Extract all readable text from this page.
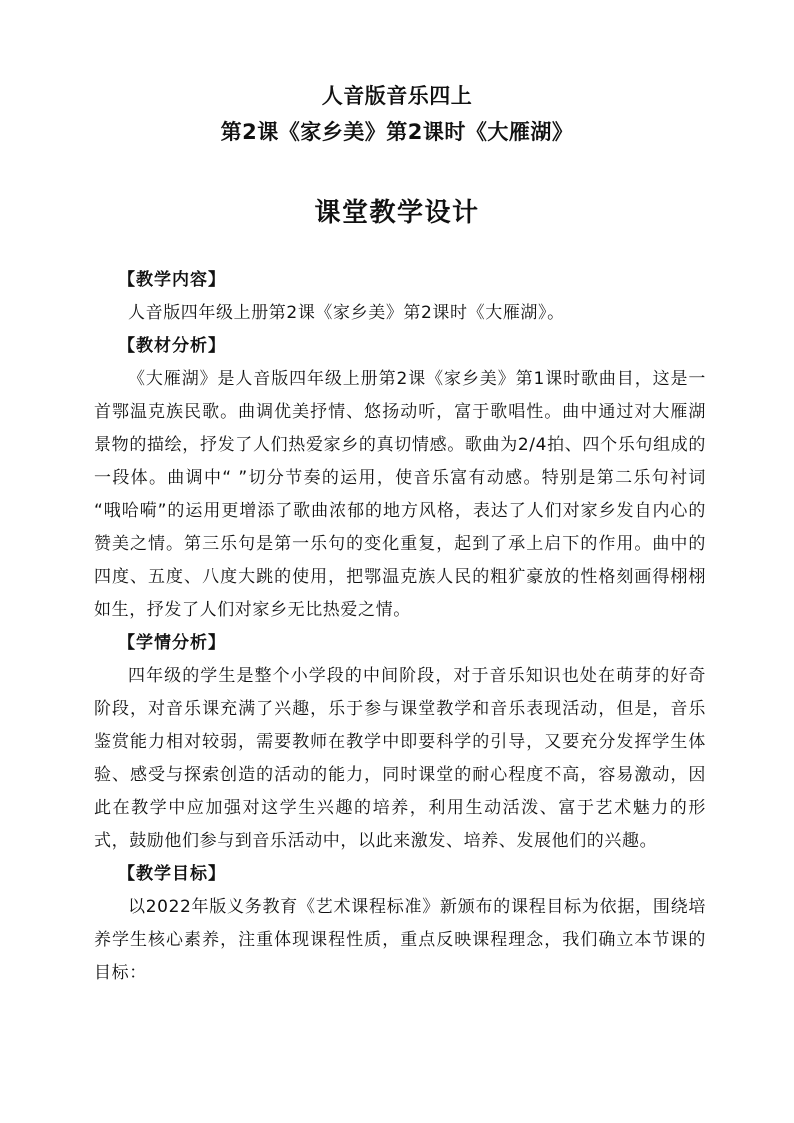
人音版音乐四上
第2课《家乡美》第2课时《大雁湖》
课堂教学设计

【教学内容】

人音版四年级上册第2课《家乡美》第2课时《大雁湖》。

【教材分析】

《大雁湖》是人音版四年级上册第2课《家乡美》第1课时歌曲目，这是一首鄂温克族民歌。曲调优美抒情、悠扬动听，富于歌唱性。曲中通过对大雁湖景物的描绘，抒发了人们热爱家乡的真切情感。歌曲为2/4拍、四个乐句组成的一段体。曲调中“ ”切分节奏的运用，使音乐富有动感。特别是第二乐句衬词 “哦哈嗬”的运用更增添了歌曲浓郁的地方风格，表达了人们对家乡发自内心的赞美之情。第三乐句是第一乐句的变化重复，起到了承上启下的作用。曲中的四度、五度、八度大跳的使用，把鄂温克族人民的粗犷豪放的性格刻画得栩栩如生，抒发了人们对家乡无比热爱之情。

【学情分析】

四年级的学生是整个小学段的中间阶段，对于音乐知识也处在萌芽的好奇阶段，对音乐课充满了兴趣，乐于参与课堂教学和音乐表现活动，但是，音乐鉴赏能力相对较弱，需要教师在教学中即要科学的引导，又要充分发挥学生体验、感受与探索创造的活动的能力，同时课堂的耐心程度不高，容易激动，因此在教学中应加强对这学生兴趣的培养，利用生动活泼、富于艺术魅力的形式，鼓励他们参与到音乐活动中，以此来激发、培养、发展他们的兴趣。

【教学目标】

以2022年版义务教育《艺术课程标准》新颁布的课程目标为依据，围绕培养学生核心素养，注重体现课程性质，重点反映课程理念，我们确立本节课的目标：
